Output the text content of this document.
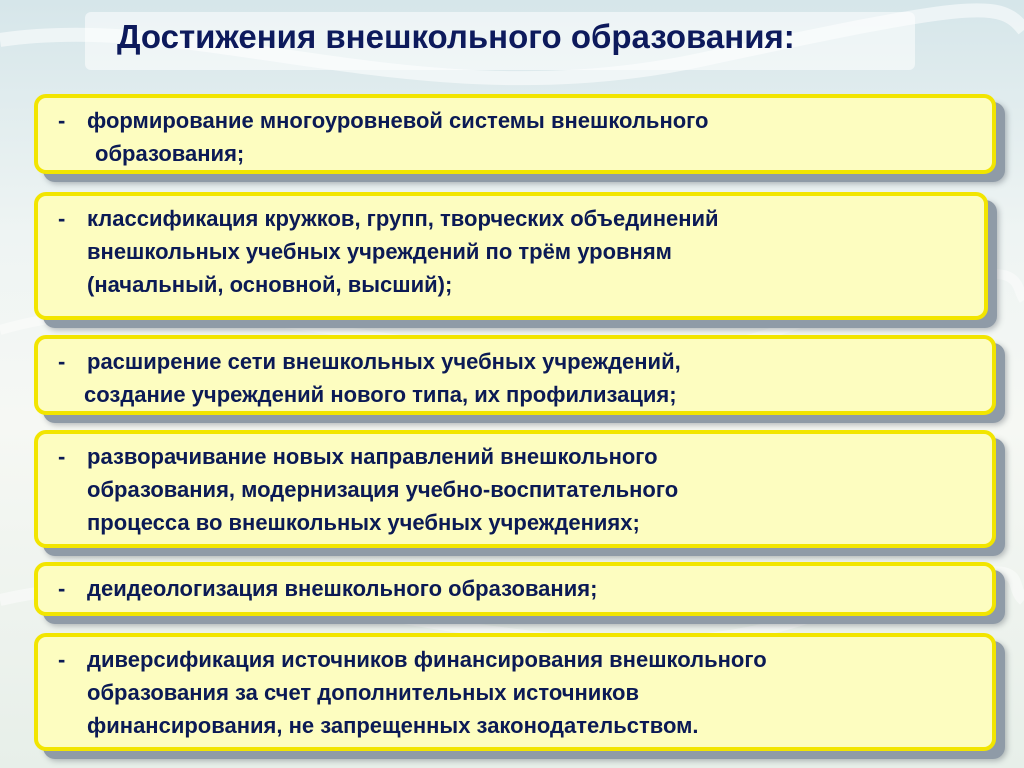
Достижения внешкольного образования:
- формирование многоуровневой системы внешкольного
образования;
- классификация кружков, групп, творческих объединений
внешкольных учебных учреждений по трём уровням
(начальный, основной, высший);
- расширение сети внешкольных учебных учреждений,
создание учреждений нового типа, их профилизация;
- разворачивание новых направлений внешкольного
образования, модернизация учебно-воспитательного
процесса во внешкольных учебных учреждениях;
- деидеологизация внешкольного образования;
- диверсификация источников финансирования внешкольного
образования за счет дополнительных источников
финансирования, не запрещенных законодательством.
